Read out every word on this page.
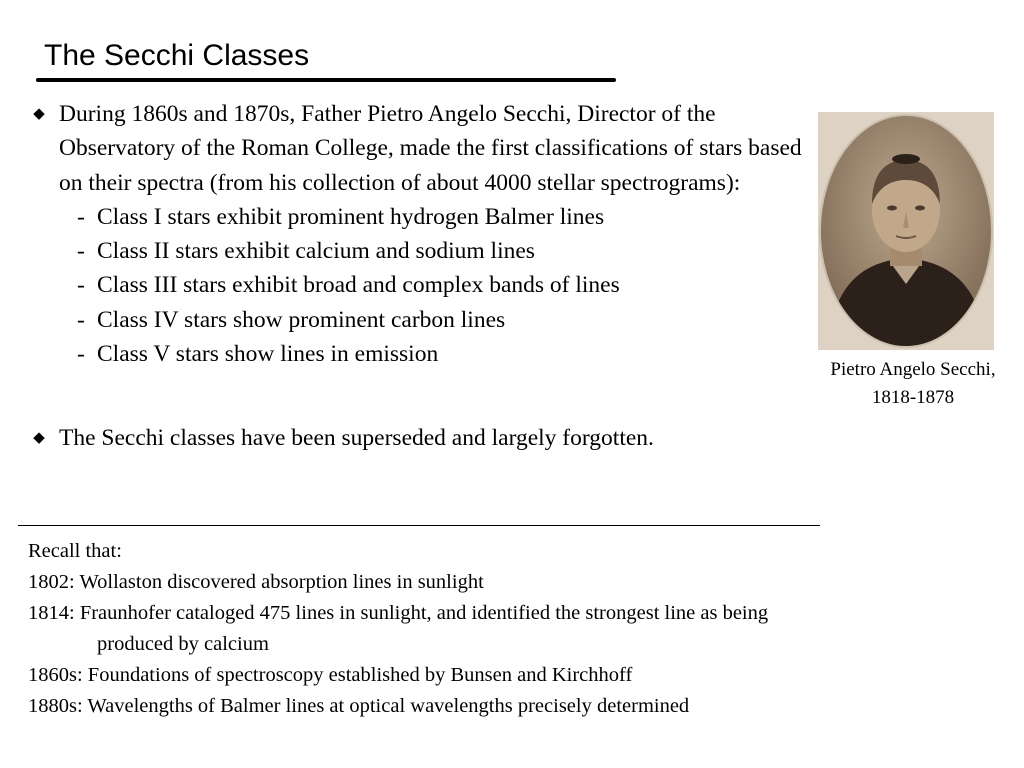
The Secchi Classes
◆ During 1860s and 1870s, Father Pietro Angelo Secchi, Director of the Observatory of the Roman College, made the first classifications of stars based on their spectra (from his collection of about 4000 stellar spectrograms):

- Class I stars exhibit prominent hydrogen Balmer lines
- Class II stars exhibit calcium and sodium lines
- Class III stars exhibit broad and complex bands of lines
- Class IV stars show prominent carbon lines
- Class V stars show lines in emission
◆ The Secchi classes have been superseded and largely forgotten.

Pietro Angelo Secchi,
1818-1878

Recall that:

1802: Wollaston discovered absorption lines in sunlight

1814: Fraunhofer cataloged 475 lines in sunlight, and identified the strongest line as being

produced by calcium

1860s: Foundations of spectroscopy established by Bunsen and Kirchhoff

1880s: Wavelengths of Balmer lines at optical wavelengths precisely determined
